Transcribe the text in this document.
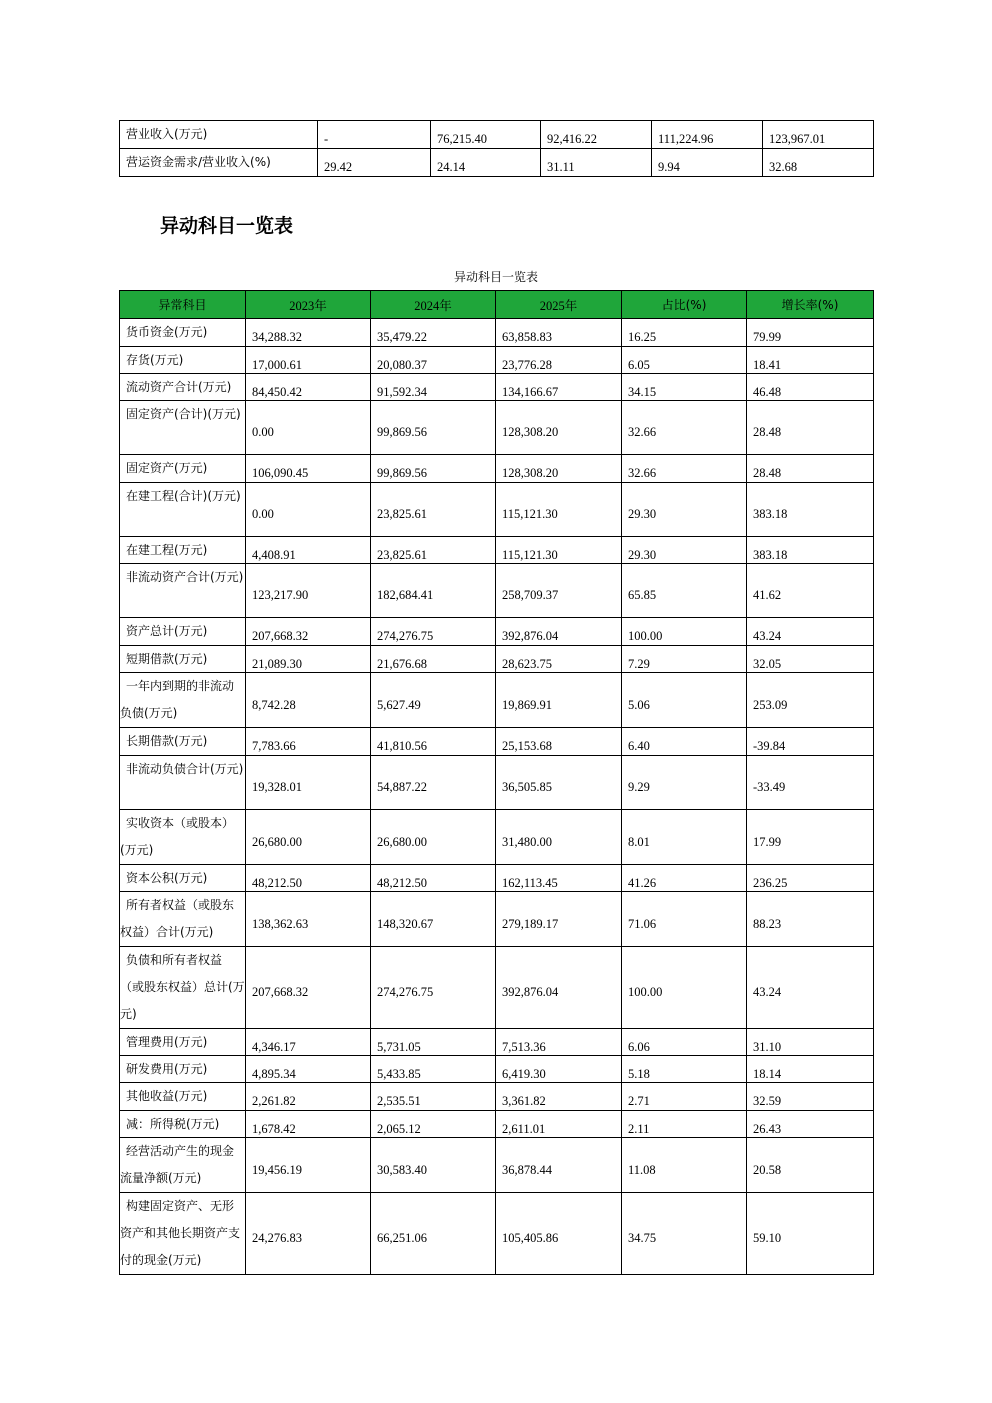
营业收入(万元)	-	76,215.40	92,416.22	111,224.96	123,967.01
营运资金需求/营业收入(%)	29.42	24.14	31.11	9.94	32.68
异动科目一览表
异动科目一览表
异常科目	2023年	2024年	2025年	占比(%)	增长率(%)
货币资金(万元)	34,288.32	35,479.22	63,858.83	16.25	79.99
存货(万元)	17,000.61	20,080.37	23,776.28	6.05	18.41
流动资产合计(万元)	84,450.42	91,592.34	134,166.67	34.15	46.48
固定资产(合计)(万元)	0.00	99,869.56	128,308.20	32.66	28.48
固定资产(万元)	106,090.45	99,869.56	128,308.20	32.66	28.48
在建工程(合计)(万元)	0.00	23,825.61	115,121.30	29.30	383.18
在建工程(万元)	4,408.91	23,825.61	115,121.30	29.30	383.18
非流动资产合计(万元)	123,217.90	182,684.41	258,709.37	65.85	41.62
资产总计(万元)	207,668.32	274,276.75	392,876.04	100.00	43.24
短期借款(万元)	21,089.30	21,676.68	28,623.75	7.29	32.05
一年内到期的非流动负债(万元)	8,742.28	5,627.49	19,869.91	5.06	253.09
长期借款(万元)	7,783.66	41,810.56	25,153.68	6.40	-39.84
非流动负债合计(万元)	19,328.01	54,887.22	36,505.85	9.29	-33.49
实收资本（或股本）(万元)	26,680.00	26,680.00	31,480.00	8.01	17.99
资本公积(万元)	48,212.50	48,212.50	162,113.45	41.26	236.25
所有者权益（或股东权益）合计(万元)	138,362.63	148,320.67	279,189.17	71.06	88.23
负债和所有者权益（或股东权益）总计(万元)	207,668.32	274,276.75	392,876.04	100.00	43.24
管理费用(万元)	4,346.17	5,731.05	7,513.36	6.06	31.10
研发费用(万元)	4,895.34	5,433.85	6,419.30	5.18	18.14
其他收益(万元)	2,261.82	2,535.51	3,361.82	2.71	32.59
减：所得税(万元)	1,678.42	2,065.12	2,611.01	2.11	26.43
经营活动产生的现金流量净额(万元)	19,456.19	30,583.40	36,878.44	11.08	20.58
构建固定资产、无形资产和其他长期资产支付的现金(万元)	24,276.83	66,251.06	105,405.86	34.75	59.10
